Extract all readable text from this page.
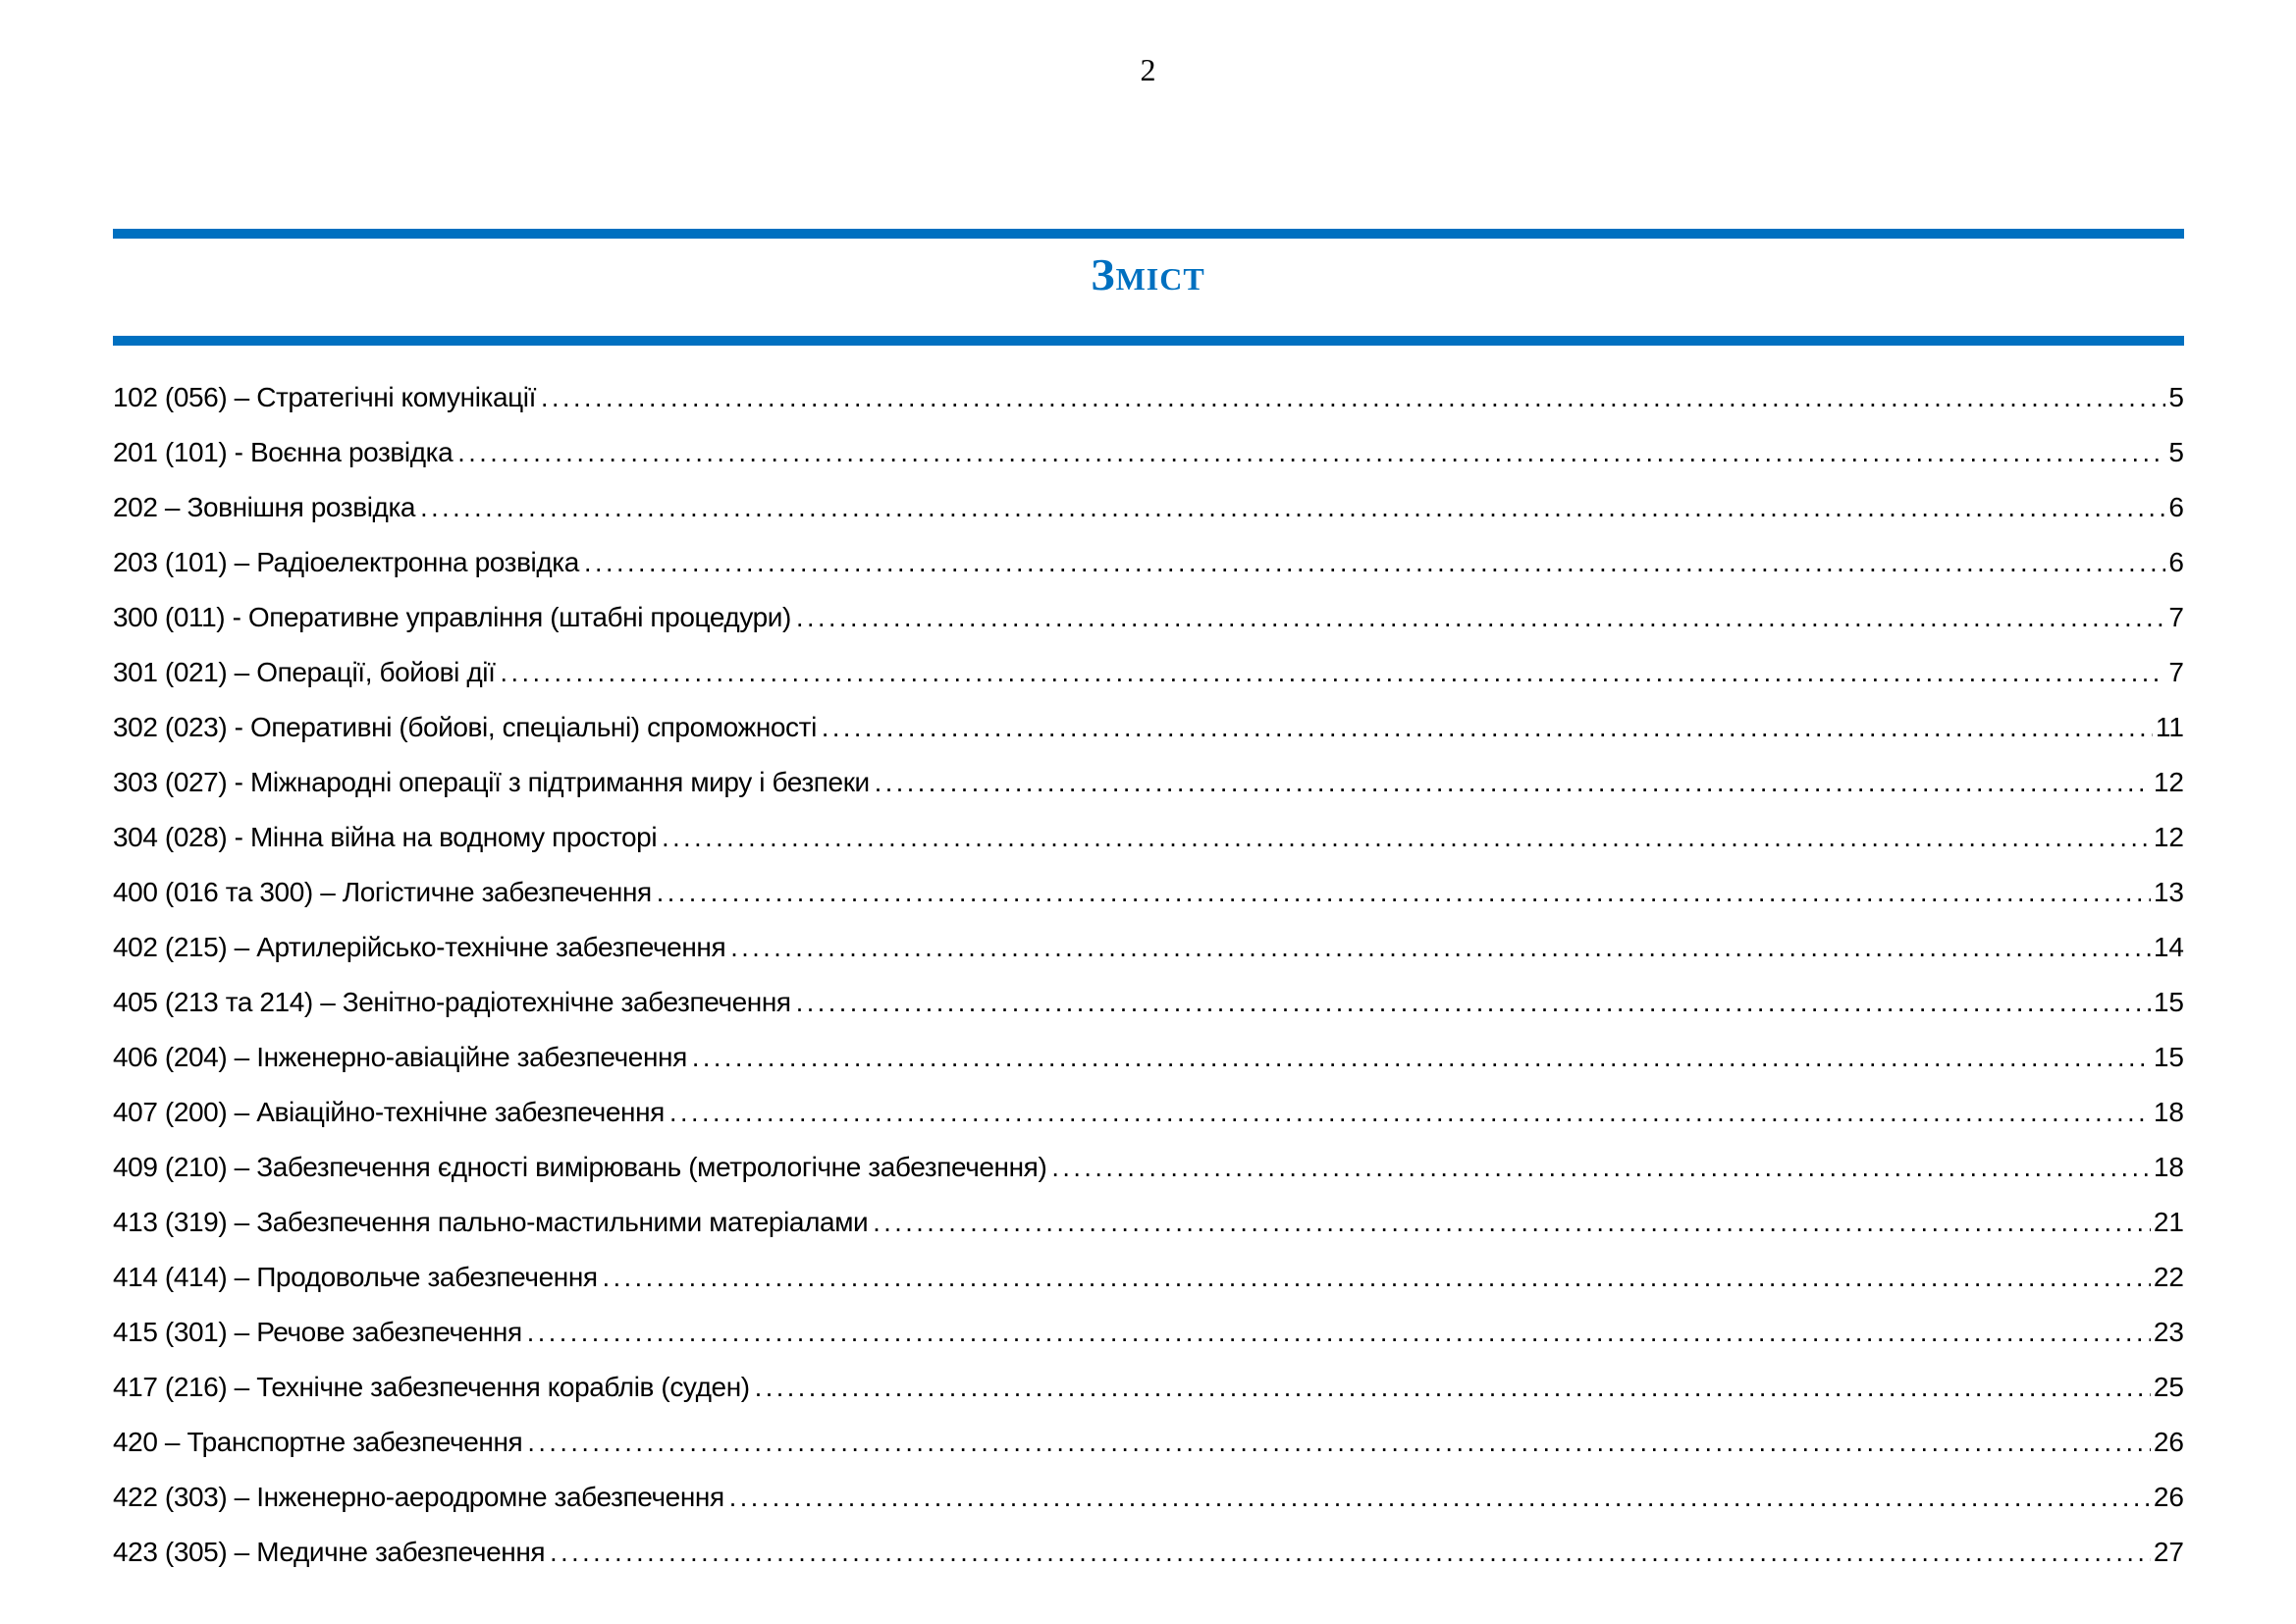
2
Зміст
102 (056) – Стратегічні комунікації .....	5
201 (101) - Воєнна розвідка .....	5
202 – Зовнішня розвідка .....	6
203 (101) – Радіоелектронна розвідка .....	6
300 (011) - Оперативне управління (штабні процедури) .....	7
301 (021) – Операції, бойові дії .....	7
302 (023) - Оперативні (бойові, спеціальні) спроможності .....	11
303 (027) - Міжнародні операції з підтримання миру і безпеки .....	12
304 (028) - Мінна війна на водному просторі .....	12
400 (016 та 300) – Логістичне забезпечення .....	13
402 (215) – Артилерійсько-технічне забезпечення .....	14
405 (213 та 214) – Зенітно-радіотехнічне забезпечення .....	15
406 (204) – Інженерно-авіаційне забезпечення .....	15
407 (200) – Авіаційно-технічне забезпечення .....	18
409 (210) – Забезпечення єдності вимірювань (метрологічне забезпечення) .....	18
413 (319) – Забезпечення пально-мастильними матеріалами .....	21
414 (414) – Продовольче забезпечення .....	22
415 (301) – Речове забезпечення .....	23
417 (216) – Технічне забезпечення кораблів (суден) .....	25
420 – Транспортне забезпечення .....	26
422 (303) – Інженерно-аеродромне забезпечення .....	26
423 (305) – Медичне забезпечення .....	27
